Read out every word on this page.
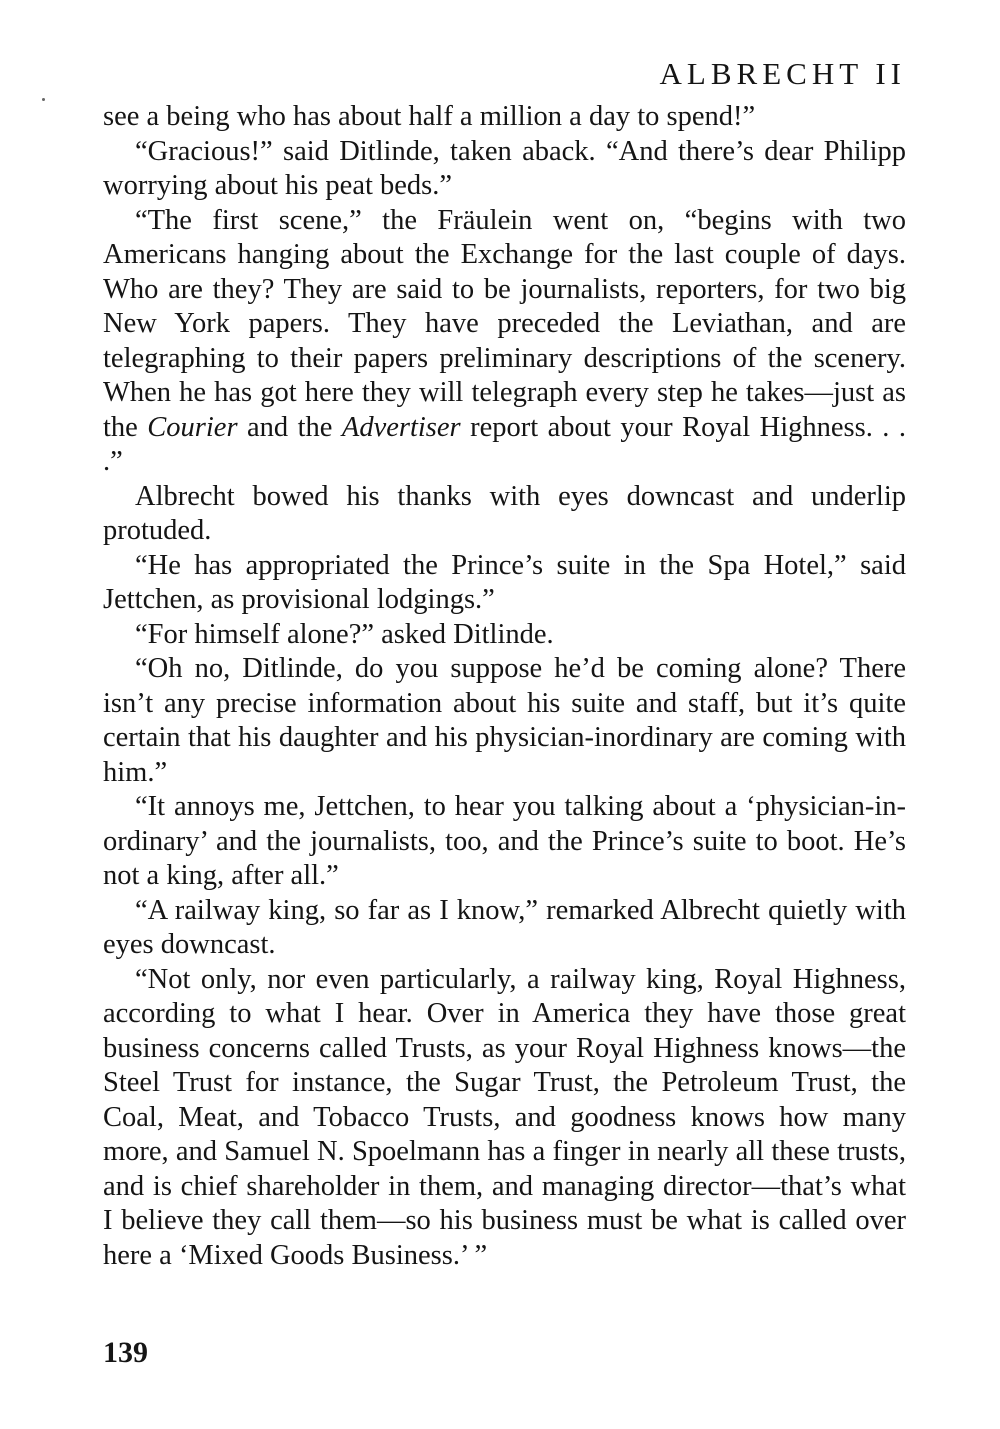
ALBRECHT II

see a being who has about half a million a day to spend!”

“Gracious!” said Ditlinde, taken aback. “And there’s dear Philipp worrying about his peat beds.”

“The first scene,” the Fräulein went on, “begins with two Americans hanging about the Exchange for the last couple of days. Who are they? They are said to be journalists, reporters, for two big New York papers. They have preceded the Leviathan, and are telegraphing to their papers preliminary descriptions of the scenery. When he has got here they will telegraph every step he takes—just as the Courier and the Advertiser report about your Royal Highness. . . .”

Albrecht bowed his thanks with eyes downcast and underlip protuded.

“He has appropriated the Prince’s suite in the Spa Hotel,” said Jettchen, as provisional lodgings.”

“For himself alone?” asked Ditlinde.

“Oh no, Ditlinde, do you suppose he’d be coming alone? There isn’t any precise information about his suite and staff, but it’s quite certain that his daughter and his physician-inordinary are coming with him.”

“It annoys me, Jettchen, to hear you talking about a ‘physician-in-ordinary’ and the journalists, too, and the Prince’s suite to boot. He’s not a king, after all.”

“A railway king, so far as I know,” remarked Albrecht quietly with eyes downcast.

“Not only, nor even particularly, a railway king, Royal Highness, according to what I hear. Over in America they have those great business concerns called Trusts, as your Royal Highness knows—the Steel Trust for instance, the Sugar Trust, the Petroleum Trust, the Coal, Meat, and Tobacco Trusts, and goodness knows how many more, and Samuel N. Spoelmann has a finger in nearly all these trusts, and is chief shareholder in them, and managing director—that’s what I believe they call them—so his business must be what is called over here a ‘Mixed Goods Business.’ ”

139
